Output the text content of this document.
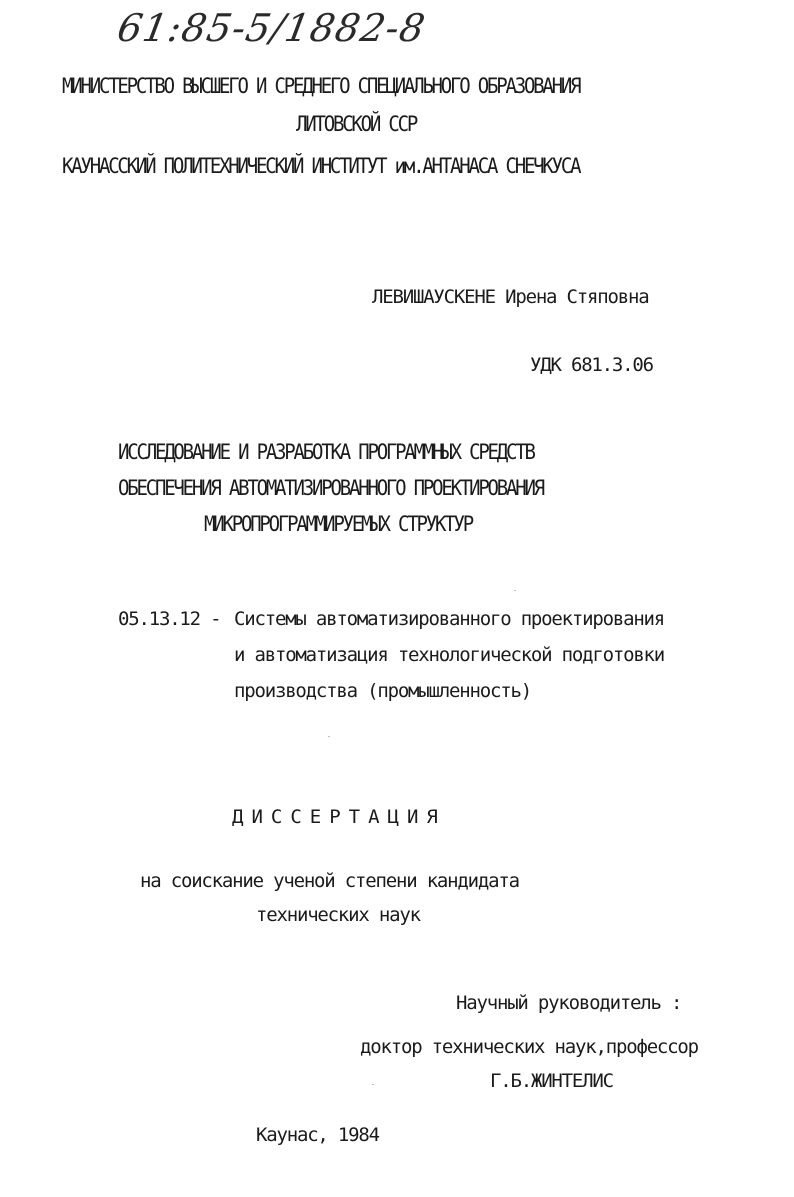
61:85-5/1882-8
МИНИСТЕРСТВО ВЫСШЕГО И СРЕДНЕГО СПЕЦИАЛЬНОГО ОБРАЗОВАНИЯ
ЛИТОВСКОЙ ССР
КАУНАССКИЙ ПОЛИТЕХНИЧЕСКИЙ ИНСТИТУТ им.АНТАНАСА СНЕЧКУСА
ЛЕВИШАУСКЕНЕ Ирена Стяповна
УДК 681.3.06
ИССЛЕДОВАНИЕ И РАЗРАБОТКА ПРОГРАММНЫХ СРЕДСТВ
ОБЕСПЕЧЕНИЯ АВТОМАТИЗИРОВАННОГО ПРОЕКТИРОВАНИЯ
МИКРОПРОГРАММИРУЕМЫХ СТРУКТУР
05.13.12 - Системы автоматизированного проектирования
и автоматизация технологической подготовки
производства (промышленность)
ДИССЕРТАЦИЯ
на соискание ученой степени кандидата
технических наук
Научный руководитель :
доктор технических наук,профессор
Г.Б.ЖИНТЕЛИС
Каунас, 1984
